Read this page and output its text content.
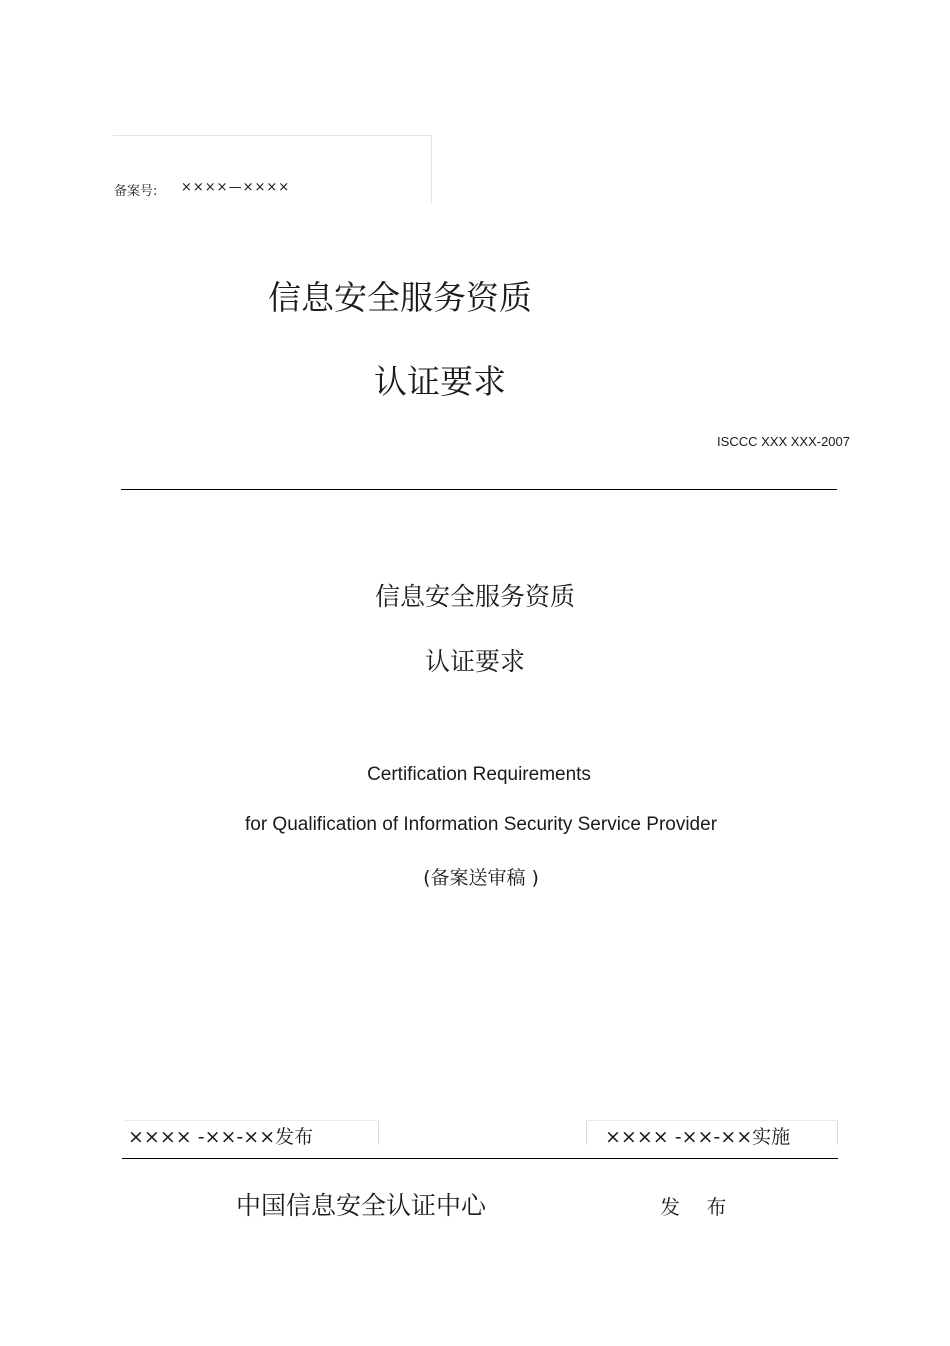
备案号: ××××—××××
信息安全服务资质
认证要求
ISCCC XXX XXX-2007
信息安全服务资质
认证要求
Certification Requirements
for Qualification of Information Security Service Provider
(备案送审稿 )
×××× -××-××发布	×××× -××-××实施
中国信息安全认证中心	发 布
